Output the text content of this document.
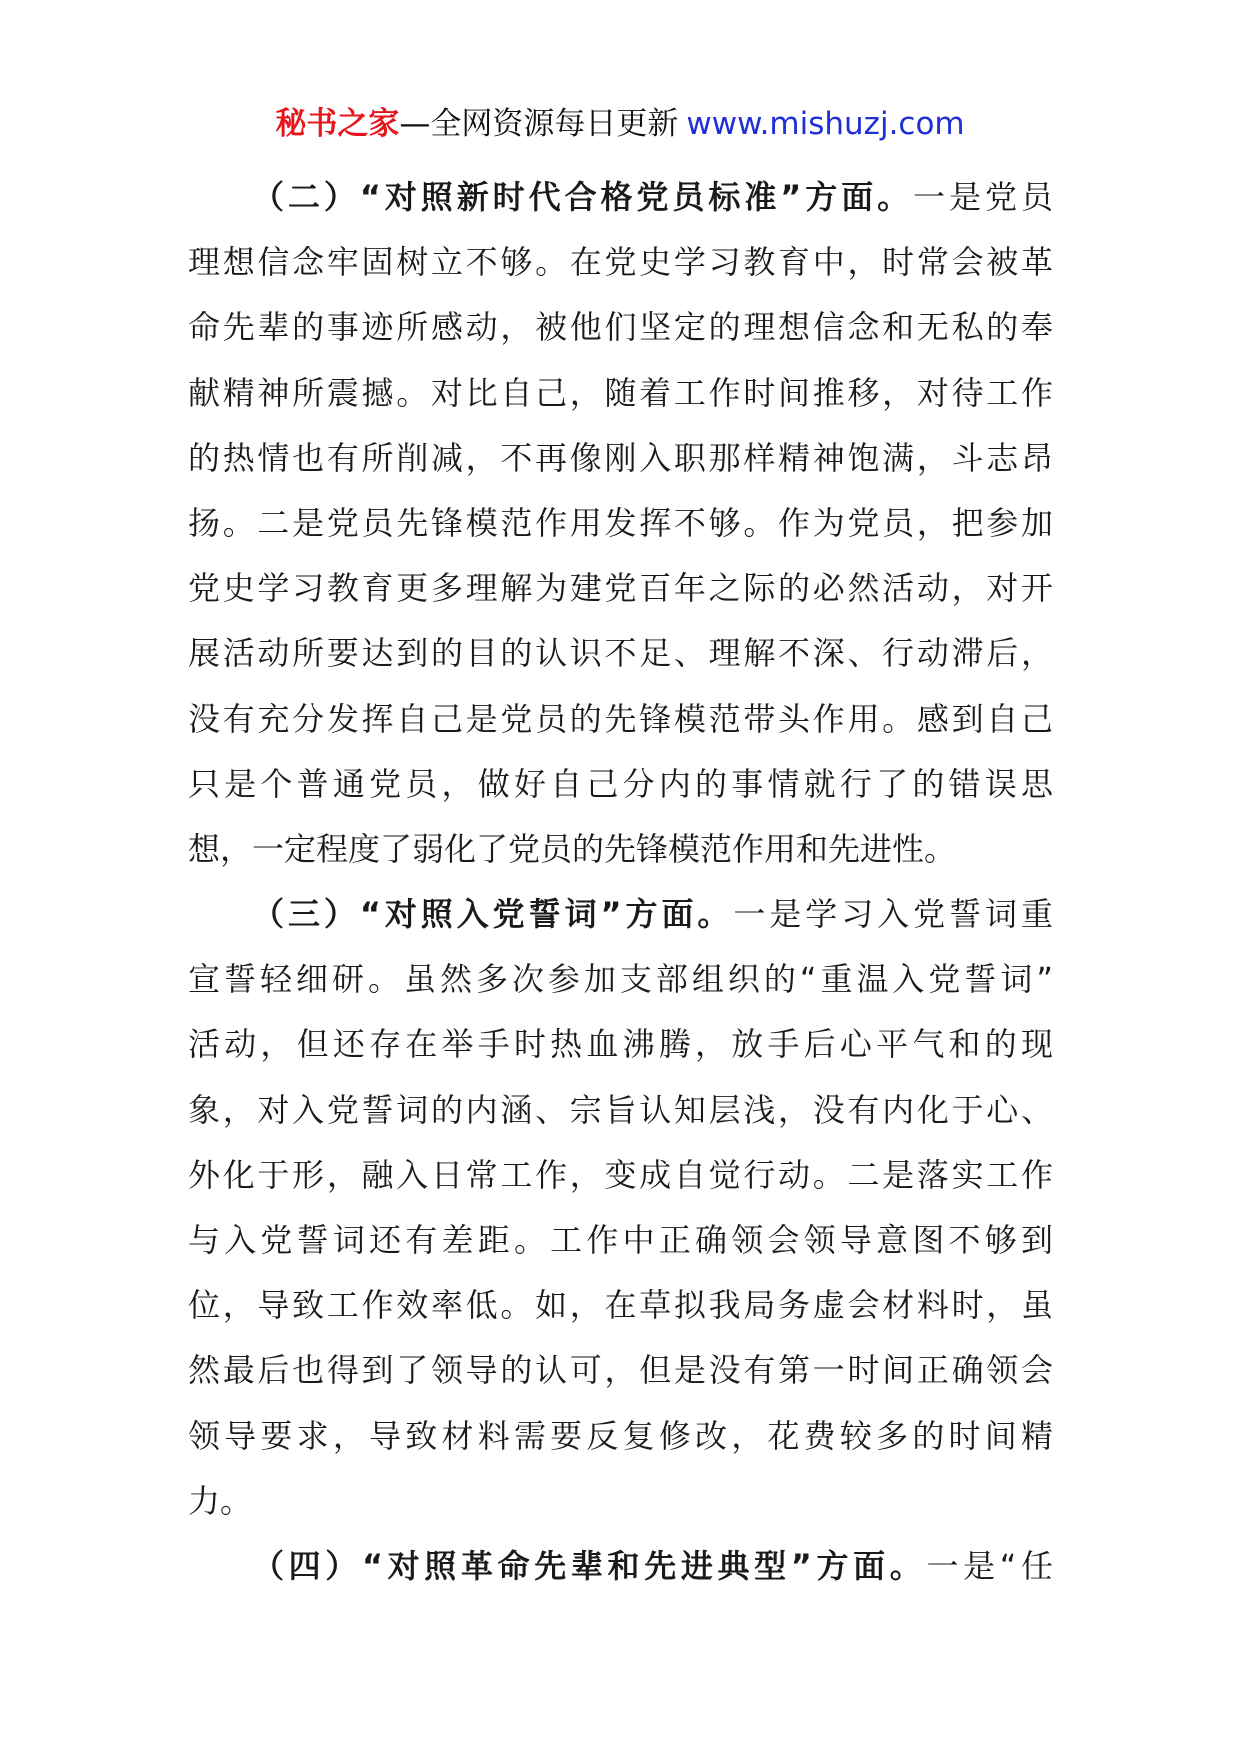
秘书之家—全网资源每日更新 www.mishuzj.com
（二）“对照新时代合格党员标准”方面。一是党员
理想信念牢固树立不够。在党史学习教育中，时常会被革
命先辈的事迹所感动，被他们坚定的理想信念和无私的奉
献精神所震撼。对比自己，随着工作时间推移，对待工作
的热情也有所削减，不再像刚入职那样精神饱满，斗志昂
扬。二是党员先锋模范作用发挥不够。作为党员，把参加
党史学习教育更多理解为建党百年之际的必然活动，对开
展活动所要达到的目的认识不足、理解不深、行动滞后，
没有充分发挥自己是党员的先锋模范带头作用。感到自己
只是个普通党员，做好自己分内的事情就行了的错误思
想，一定程度了弱化了党员的先锋模范作用和先进性。
（三）“对照入党誓词”方面。一是学习入党誓词重
宣誓轻细研。虽然多次参加支部组织的“重温入党誓词”
活动，但还存在举手时热血沸腾，放手后心平气和的现
象，对入党誓词的内涵、宗旨认知层浅，没有内化于心、
外化于形，融入日常工作，变成自觉行动。二是落实工作
与入党誓词还有差距。工作中正确领会领导意图不够到
位，导致工作效率低。如，在草拟我局务虚会材料时，虽
然最后也得到了领导的认可，但是没有第一时间正确领会
领导要求，导致材料需要反复修改，花费较多的时间精
力。
（四）“对照革命先辈和先进典型”方面。一是“任
